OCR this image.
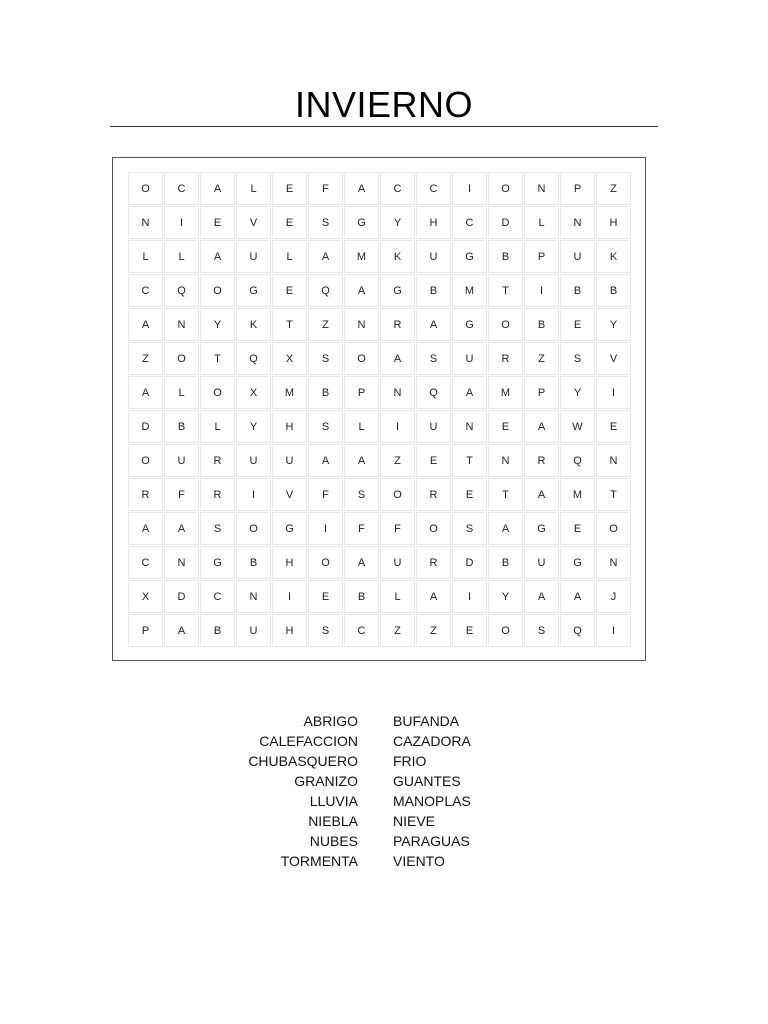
INVIERNO
O	C	A	L	E	F	A	C	C	I	O	N	P	Z
N	I	E	V	E	S	G	Y	H	C	D	L	N	H
L	L	A	U	L	A	M	K	U	G	B	P	U	K
C	Q	O	G	E	Q	A	G	B	M	T	I	B	B
A	N	Y	K	T	Z	N	R	A	G	O	B	E	Y
Z	O	T	Q	X	S	O	A	S	U	R	Z	S	V
A	L	O	X	M	B	P	N	Q	A	M	P	Y	I
D	B	L	Y	H	S	L	I	U	N	E	A	W	E
O	U	R	U	U	A	A	Z	E	T	N	R	Q	N
R	F	R	I	V	F	S	O	R	E	T	A	M	T
A	A	S	O	G	I	F	F	O	S	A	G	E	O
C	N	G	B	H	O	A	U	R	D	B	U	G	N
X	D	C	N	I	E	B	L	A	I	Y	A	A	J
P	A	B	U	H	S	C	Z	Z	E	O	S	Q	I
ABRIGO
CALEFACCION
CHUBASQUERO
GRANIZO
LLUVIA
NIEBLA
NUBES
TORMENTA
BUFANDA
CAZADORA
FRIO
GUANTES
MANOPLAS
NIEVE
PARAGUAS
VIENTO
